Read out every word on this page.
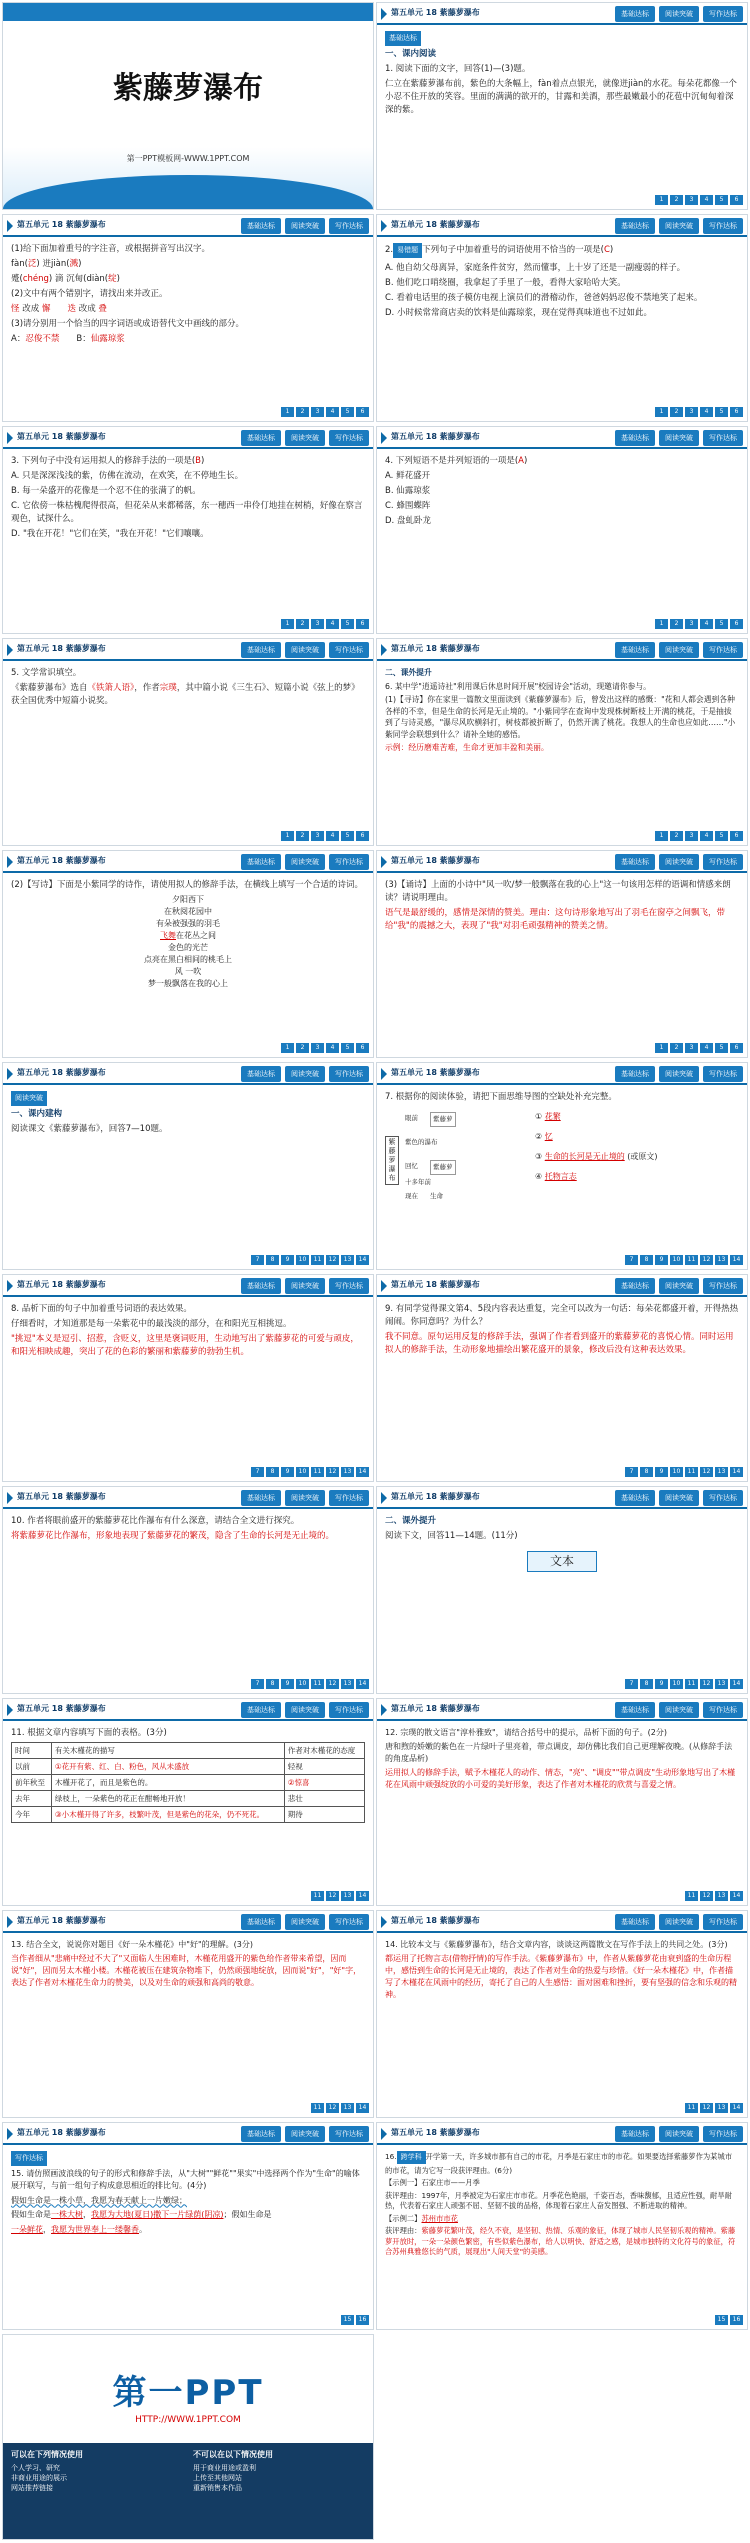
紫藤萝瀑布
第一PPT模板网-WWW.1PPT.COM
第五单元 18 紫藤萝瀑布	基础达标	阅读突破	写作达标
基础达标

一、课内阅读

1. 阅读下面的文字，回答(1)—(3)题。

仁立在紫藤萝瀑布前，紫色的大条幅上，fàn着点点银光，就像迸jiàn的水花。每朵花都像一个小忍不住开放的笑容。里面的满满的欲开的，甘露和美酒，那些最嫩最小的花苞中沉甸甸着深深的紫。

1	2	3	4	5	6
第五单元 18 紫藤萝瀑布	基础达标	阅读突破	写作达标

(1)给下面加着重号的字注音，或根据拼音写出汉字。

fàn(泛) 迸jiàn(溅)

蹙(chéng) 滴 沉甸(diàn(绽)

(2)文中有两个错别字，请找出来并改正。

怪 改成 懈　　 迭 改成 叠

(3)请分别用一个恰当的四字词语或成语替代文中画线的部分。

A：忍俊不禁　　 B：仙露琼浆

1	2	3	4	5	6
第五单元 18 紫藤萝瀑布	基础达标	阅读突破	写作达标

2. 易错题 下列句子中加着重号的词语使用不恰当的一项是(C)

A. 他自幼父母离异，家庭条件贫穷，然而懂事，上十岁了还是一副瘦弱的样子。

B. 他们吃口哨绕圈，我拿起了手里了一般，看得大家哈哈大笑。

C. 看着电话里的孩子模仿电视上演员们的滑稽动作，爸爸妈妈忍俊不禁地笑了起来。

D. 小时候常常商店卖的饮料是仙露琼浆，现在觉得真味道也不过如此。

1	2	3	4	5	6
第五单元 18 紫藤萝瀑布	基础达标	阅读突破	写作达标

3. 下列句子中没有运用拟人的修辞手法的一项是(B)

A. 只是深深浅浅的紫，仿佛在流动，在欢笑，在不停地生长。

B. 每一朵盛开的花像是一个忍不住的张满了的帆。

C. 它依傍一株枯槐爬得很高，但花朵从来都稀落，东一穗西一串伶仃地挂在树梢，好像在察言观色，试探什么。

D. "我在开花！"它们在笑，"我在开花！"它们嚷嚷。

1	2	3	4	5	6
第五单元 18 紫藤萝瀑布	基础达标	阅读突破	写作达标

4. 下列短语不是并列短语的一项是(A)

A. 鲜花盛开

B. 仙露琼浆

C. 蜂围蝶阵

D. 盘虬卧龙

1	2	3	4	5	6
第五单元 18 紫藤萝瀑布	基础达标	阅读突破	写作达标

5. 文学常识填空。

《紫藤萝瀑布》选自《铁箫人语》，作者宗璞，其中篇小说《三生石》、短篇小说《弦上的梦》获全国优秀中短篇小说奖。

1	2	3	4	5	6
第五单元 18 紫藤萝瀑布	基础达标	阅读突破	写作达标

二、课外提升

6. 某中学"逍遥诗社"利用课后休息时间开展"校园诗会"活动，现邀请你参与。

(1)【寻诗】你在家里一篇散文里面读到《紫藤萝瀑布》后，曾发出这样的感慨："花和人都会遇到各种各样的不幸，但是生命的长河是无止境的。"小紫同学在查询中发现株树断枝上开满的桃花，于是抽拔到了与诗灵感，"瀑尽风吹横斜打，树枝都被折断了，仍然开满了桃花。我想人的生命也应如此……"小紫同学会联想到什么？请补全她的感悟。

示例：经历磨难苦难，生命才更加丰盈和美丽。

1	2	3	4	5	6
第五单元 18 紫藤萝瀑布	基础达标	阅读突破	写作达标

(2)【写诗】下面是小紫同学的诗作，请使用拟人的修辞手法，在横线上填写一个合适的诗词。

夕阳西下
在秋阅花园中
有朵被强强的羽毛
飞舞在花丛之间
金色的光芒
点亮在黑白相间的桃毛上
风 一吹
梦一般飘落在我的心上
1	2	3	4	5	6
第五单元 18 紫藤萝瀑布	基础达标	阅读突破	写作达标

(3)【诵诗】上面的小诗中"风一吹/梦一般飘落在我的心上"这一句该用怎样的语调和情感来朗读？请说明理由。

语气是最舒缓的，感情是深情的赞美。理由：这句诗形象地写出了羽毛在窗亭之间飘飞，带给"我"的震撼之大，表现了"我"对羽毛顽强精神的赞美之情。

1	2	3	4	5	6
第五单元 18 紫藤萝瀑布	基础达标	阅读突破	写作达标
阅读突破

一、课内建构

阅读课文《紫藤萝瀑布》，回答7—10题。

7	8	9	10	11	12	13	14
第五单元 18 紫藤萝瀑布	基础达标	阅读突破	写作达标

7. 根据你的阅读体验，请把下面思维导图的空缺处补充完整。

紫藤萝瀑布
眼前	紫藤萝
紫色的瀑布
回忆	紫藤萝
十多年前
现在 生命
① 花繁
② 忆
③ 生命的长河是无止境的 (或原文)
④ 托物言志
7	8	9	10	11	12	13	14
第五单元 18 紫藤萝瀑布	基础达标	阅读突破	写作达标

8. 品析下面的句子中加着重号词语的表达效果。

仔细看时，才知道那是每一朵紫花中的最浅淡的部分，在和阳光互相挑逗。

"挑逗"本义是逗引、招惹，含贬义，这里是褒词贬用，生动地写出了紫藤萝花的可爱与顽皮，和阳光相映成趣，突出了花的色彩的繁丽和紫藤萝的勃勃生机。

7	8	9	10	11	12	13	14
第五单元 18 紫藤萝瀑布	基础达标	阅读突破	写作达标

9. 有同学觉得课文第4、5段内容表达重复，完全可以改为一句话：每朵花都盛开着，开得热热闹闹。你同意吗？为什么？

我不同意。原句运用反复的修辞手法，强调了作者看到盛开的紫藤萝花的喜悦心情。同时运用拟人的修辞手法，生动形象地描绘出繁花盛开的景象，修改后没有这种表达效果。

7	8	9	10	11	12	13	14
第五单元 18 紫藤萝瀑布	基础达标	阅读突破	写作达标

10. 作者将眼前盛开的紫藤萝花比作瀑布有什么深意，请结合全文进行探究。

将紫藤萝花比作瀑布，形象地表现了紫藤萝花的繁茂，隐含了生命的长河是无止境的。

7	8	9	10	11	12	13	14
第五单元 18 紫藤萝瀑布	基础达标	阅读突破	写作达标

二、课外提升

阅读下文，回答11—14题。(11分)

文本
7	8	9	10	11	12	13	14
第五单元 18 紫藤萝瀑布	基础达标	阅读突破	写作达标

11. 根据文章内容填写下面的表格。(3分)

时间	有关木槿花的描写	作者对木槿花的态度
以前	①花开有紫、红、白、粉色，风从未盛放	轻视
前年秋至	木槿开花了，而且是紫色的。	②惊喜
去年	绿枝上，一朵紫色的花正在酣畅地开放！	悲壮
今年	③小木槿开得了许多，枝繁叶茂，但是紫色的花朵，仍不死花。	期待
11	12	13	14
第五单元 18 紫藤萝瀑布	基础达标	阅读突破	写作达标

12. 宗璞的散文语言"淳朴雅致"，请结合括号中的提示，品析下面的句子。(2分)

唐和煦的娇嫩的紫色在一片绿叶子里亮着，带点调皮，却仿佛比我们自己更理解夜晚。(从修辞手法的角度品析)

运用拟人的修辞手法，赋予木槿花人的动作、情态，"亮"、"调皮""带点调皮"生动形象地写出了木槿花在风雨中顽强绽放的小可爱的美好形象，表达了作者对木槿花的欣赏与喜爱之情。

11	12	13	14
第五单元 18 紫藤萝瀑布	基础达标	阅读突破	写作达标

13. 结合全文，说说你对题目《好一朵木槿花》中"好"的理解。(3分)

当作者细从"悲痛中经过不大了"又面临人生困难时，木槿花用盛开的紫色给作者带来希望，因而说"好"，因而另太木槿小楼。木槿花被压在建筑杂物堆下，仍然顽强地绽放，因而说"好"，"好"字，表达了作者对木槿花生命力的赞美，以及对生命的顽强和高尚的敬意。

11	12	13	14
第五单元 18 紫藤萝瀑布	基础达标	阅读突破	写作达标

14. 比较本文与《紫藤萝瀑布》，结合文章内容，谈谈这两篇散文在写作手法上的共同之处。(3分)

都运用了托物言志(借物抒情)的写作手法。《紫藤萝瀑布》中，作者从紫藤萝花由衰到盛的生命历程中，感悟到生命的长河是无止境的，表达了作者对生命的热爱与珍惜。《好一朵木槿花》中，作者描写了木槿花在风雨中的经历，寄托了自己的人生感悟：面对困难和挫折，要有坚强的信念和乐观的精神。

11	12	13	14
第五单元 18 紫藤萝瀑布	基础达标	阅读突破	写作达标
写作达标

15. 请仿照画波浪线的句子的形式和修辞手法，从"大树""鲜花""果实"中选择两个作为"生命"的喻体展开联写，与前一组句子构成意思相近的排比句。(4分)

假如生命是一株小草，我愿为春天献上一片嫩绿；

假如生命是一株大树，我愿为大地(夏日)撒下一片绿荫(阴凉)；假如生命是

一朵鲜花，我愿为世界奉上一缕馨香。

15	16
第五单元 18 紫藤萝瀑布	基础达标	阅读突破	写作达标

16. 跨学科 开学第一天，许多城市都有自己的市花，月季是石家庄市的市花。如果要选择紫藤萝作为某城市的市花，请为它写一段获评理由。(6分)

【示例一】石家庄市——月季

获评理由：1997年，月季被定为石家庄市市花。月季花色艳丽，千姿百态，香味馥郁，且适应性强，耐旱耐热，代表着石家庄人顽强不屈、坚韧不拔的品格，体现着石家庄人奋发图强、不断进取的精神。

【示例二】苏州市市花

获评理由：紫藤萝花繁叶茂，经久不衰，是坚韧、热情、乐观的象征，体现了城市人民坚韧乐观的精神。紫藤萝开放时，一朵一朵颜色繁密，有些似紫色瀑布，给人以明快、舒适之感，是城市独特的文化符号的象征，符合苏州典雅悠长的气质，展现出"人间天堂"的美感。

15	16
第一PPT
HTTP://WWW.1PPT.COM
可以在下列情况使用
个人学习、研究
非商业用途的展示
网站推荐链接
不可以在以下情况使用
用于商业用途或盈利
上传至其他网站
重新销售本作品
